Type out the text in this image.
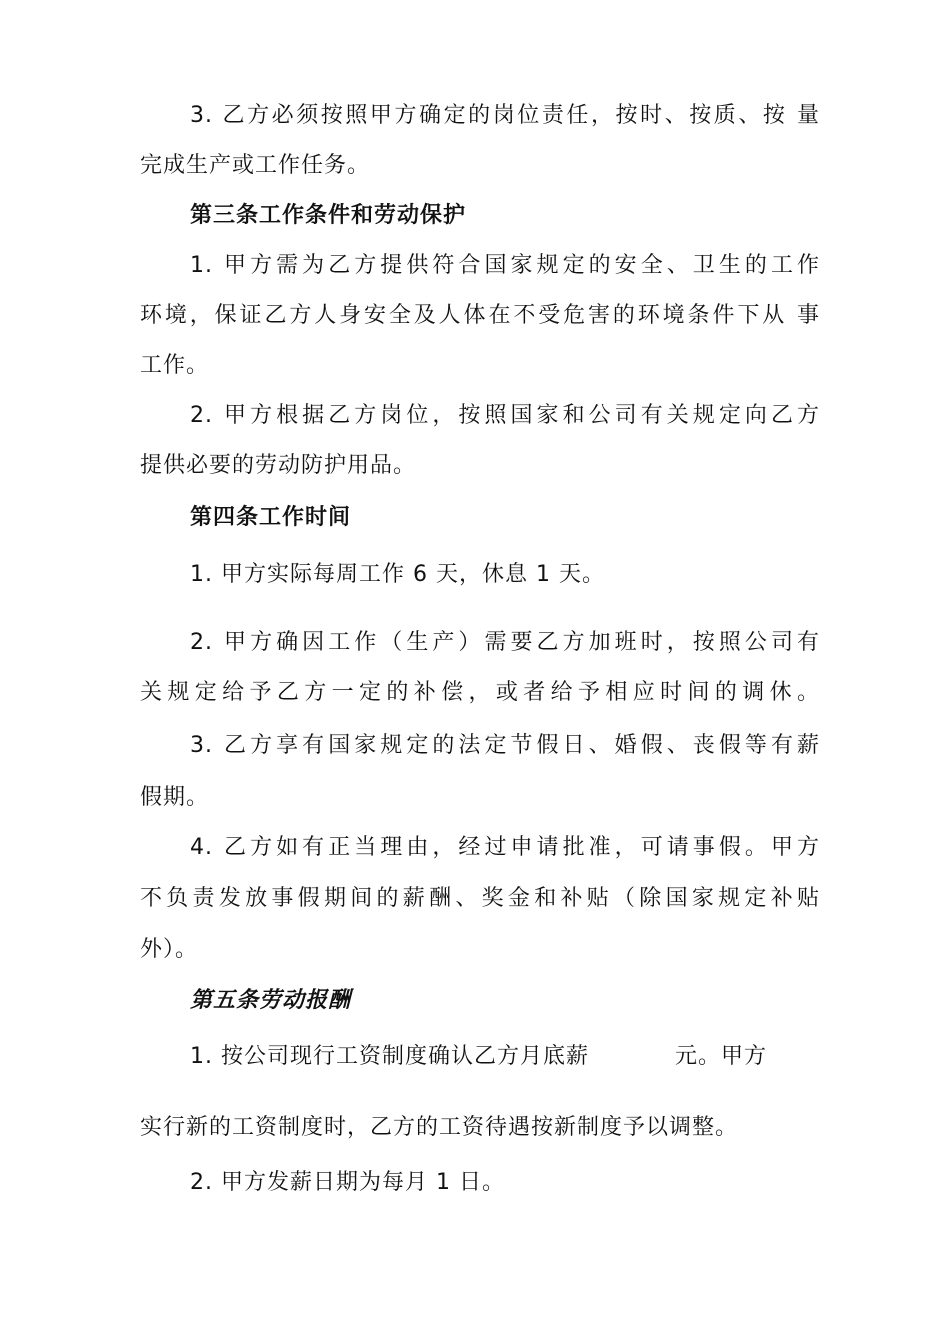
3. 乙方必须按照甲方确定的岗位责任，按时、按质、按 量
完成生产或工作任务。
第三条工作条件和劳动保护
1. 甲方需为乙方提供符合国家规定的安全、卫生的工作
环境，保证乙方人身安全及人体在不受危害的环境条件下从 事
工作。
2. 甲方根据乙方岗位，按照国家和公司有关规定向乙方
提供必要的劳动防护用品。
第四条工作时间
1. 甲方实际每周工作 6 天，休息 1 天。
2. 甲方确因工作（生产）需要乙方加班时，按照公司有
关规定给予乙方一定的补偿，或者给予相应时间的调休。
3. 乙方享有国家规定的法定节假日、婚假、丧假等有薪
假期。
4. 乙方如有正当理由，经过申请批准，可请事假。甲方
不负责发放事假期间的薪酬、奖金和补贴（除国家规定补贴
外）。
第五条劳动报酬
1. 按公司现行工资制度确认乙方月底薪	元。甲方
实行新的工资制度时，乙方的工资待遇按新制度予以调整。
2. 甲方发薪日期为每月 1 日。
